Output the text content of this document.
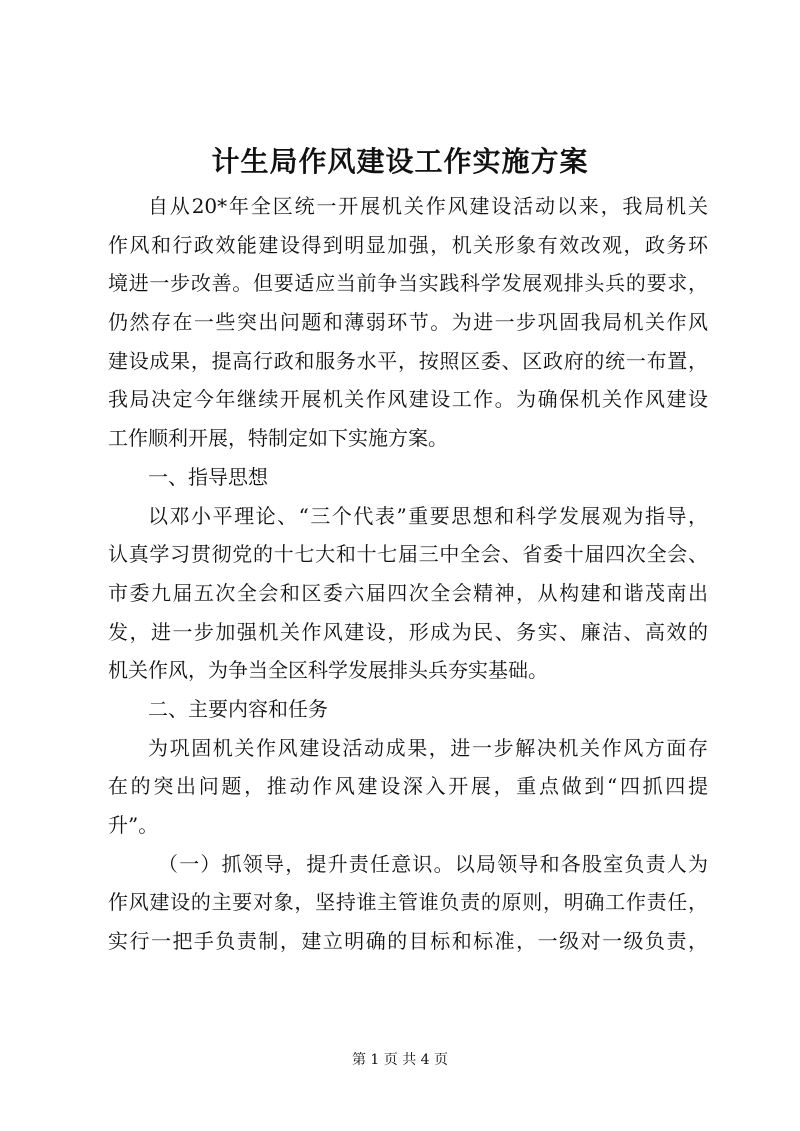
计生局作风建设工作实施方案
自从20*年全区统一开展机关作风建设活动以来，我局机关
作风和行政效能建设得到明显加强，机关形象有效改观，政务环
境进一步改善。但要适应当前争当实践科学发展观排头兵的要求，
仍然存在一些突出问题和薄弱环节。为进一步巩固我局机关作风
建设成果，提高行政和服务水平，按照区委、区政府的统一布置，
我局决定今年继续开展机关作风建设工作。为确保机关作风建设
工作顺利开展，特制定如下实施方案。
一、指导思想
以邓小平理论、“三个代表”重要思想和科学发展观为指导，
认真学习贯彻党的十七大和十七届三中全会、省委十届四次全会、
市委九届五次全会和区委六届四次全会精神，从构建和谐茂南出
发，进一步加强机关作风建设，形成为民、务实、廉洁、高效的
机关作风，为争当全区科学发展排头兵夯实基础。
二、主要内容和任务
为巩固机关作风建设活动成果，进一步解决机关作风方面存
在的突出问题，推动作风建设深入开展，重点做到“四抓四提
升”。
（一）抓领导，提升责任意识。以局领导和各股室负责人为
作风建设的主要对象，坚持谁主管谁负责的原则，明确工作责任，
实行一把手负责制，建立明确的目标和标准，一级对一级负责，
第 1 页 共 4 页
